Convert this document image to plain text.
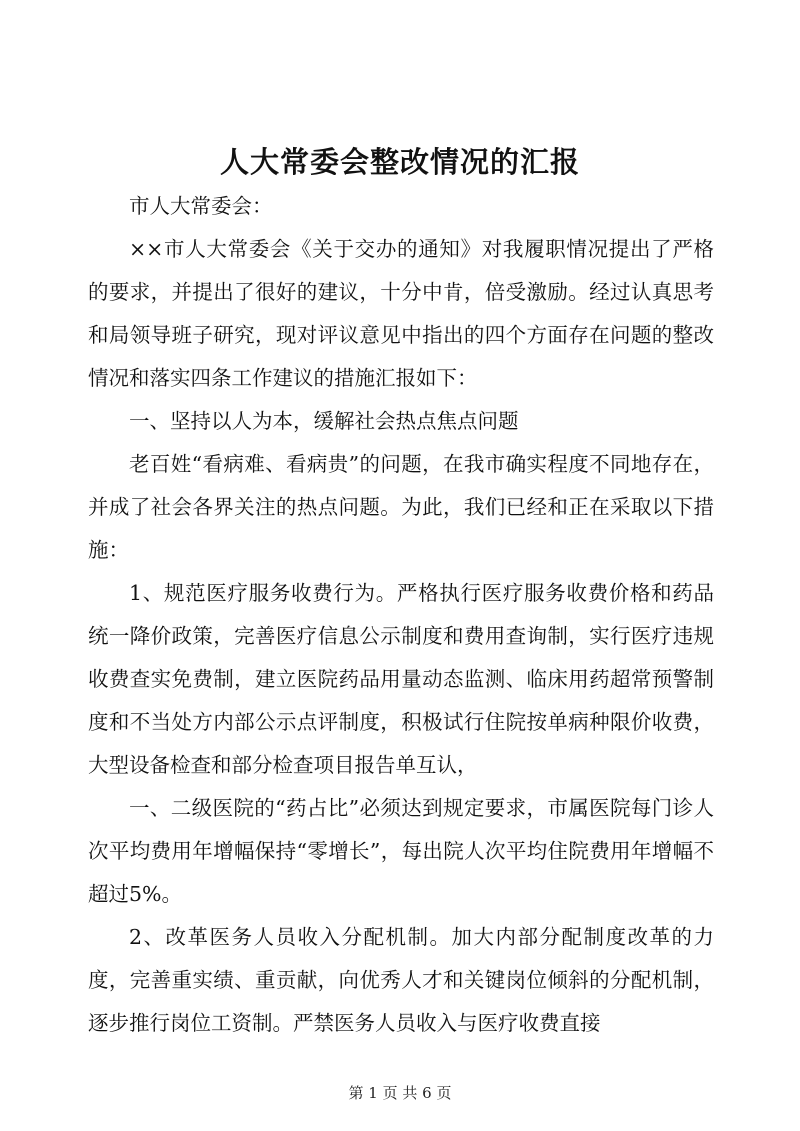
人大常委会整改情况的汇报

市人大常委会：

××市人大常委会《关于交办的通知》对我履职情况提出了严格的要求，并提出了很好的建议，十分中肯，倍受激励。经过认真思考和局领导班子研究，现对评议意见中指出的四个方面存在问题的整改情况和落实四条工作建议的措施汇报如下：

一、坚持以人为本，缓解社会热点焦点问题

老百姓“看病难、看病贵”的问题，在我市确实程度不同地存在，并成了社会各界关注的热点问题。为此，我们已经和正在采取以下措施：

1、规范医疗服务收费行为。严格执行医疗服务收费价格和药品统一降价政策，完善医疗信息公示制度和费用查询制，实行医疗违规收费查实免费制，建立医院药品用量动态监测、临床用药超常预警制度和不当处方内部公示点评制度，积极试行住院按单病种限价收费，大型设备检查和部分检查项目报告单互认，

一、二级医院的“药占比”必须达到规定要求，市属医院每门诊人次平均费用年增幅保持“零增长”，每出院人次平均住院费用年增幅不超过5%。

2、改革医务人员收入分配机制。加大内部分配制度改革的力度，完善重实绩、重贡献，向优秀人才和关键岗位倾斜的分配机制，逐步推行岗位工资制。严禁医务人员收入与医疗收费直接

第 1 页 共 6 页
